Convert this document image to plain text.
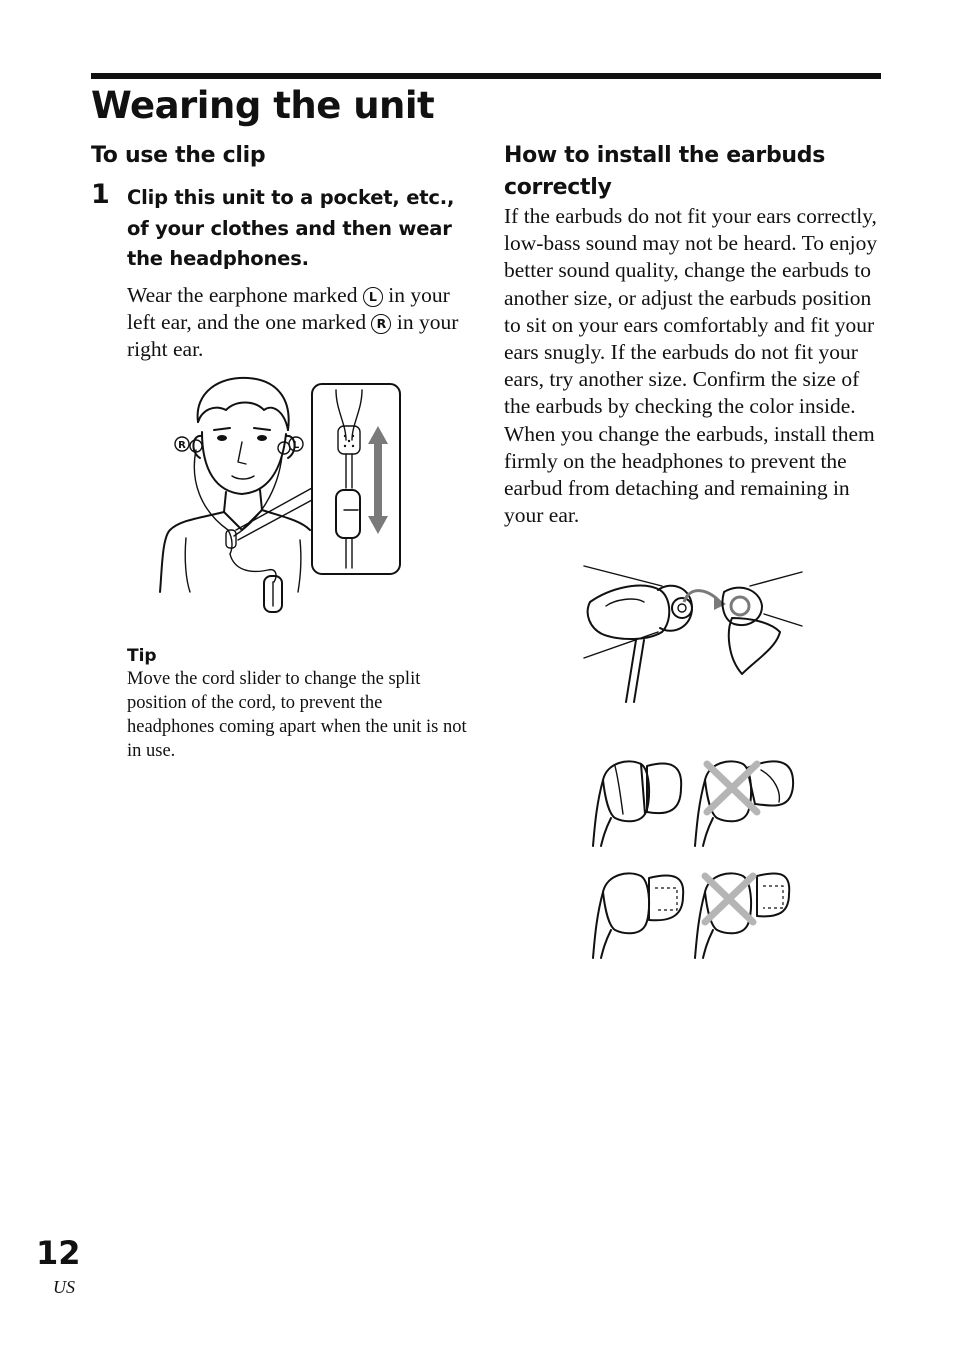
Wearing the unit
To use the clip
1 Clip this unit to a pocket, etc., of your clothes and then wear the headphones.

Wear the earphone marked L in your left ear, and the one marked R in your right ear.

R	L
Tip

Move the cord slider to change the split position of the cord, to prevent the headphones coming apart when the unit is not in use.

How to install the earbuds correctly

If the earbuds do not fit your ears correctly, low-bass sound may not be heard. To enjoy better sound quality, change the earbuds to another size, or adjust the earbuds position to sit on your ears comfortably and fit your ears snugly. If the earbuds do not fit your ears, try another size. Confirm the size of the earbuds by checking the color inside. When you change the earbuds, install them firmly on the headphones to prevent the earbud from detaching and remaining in your ear.

12
US
